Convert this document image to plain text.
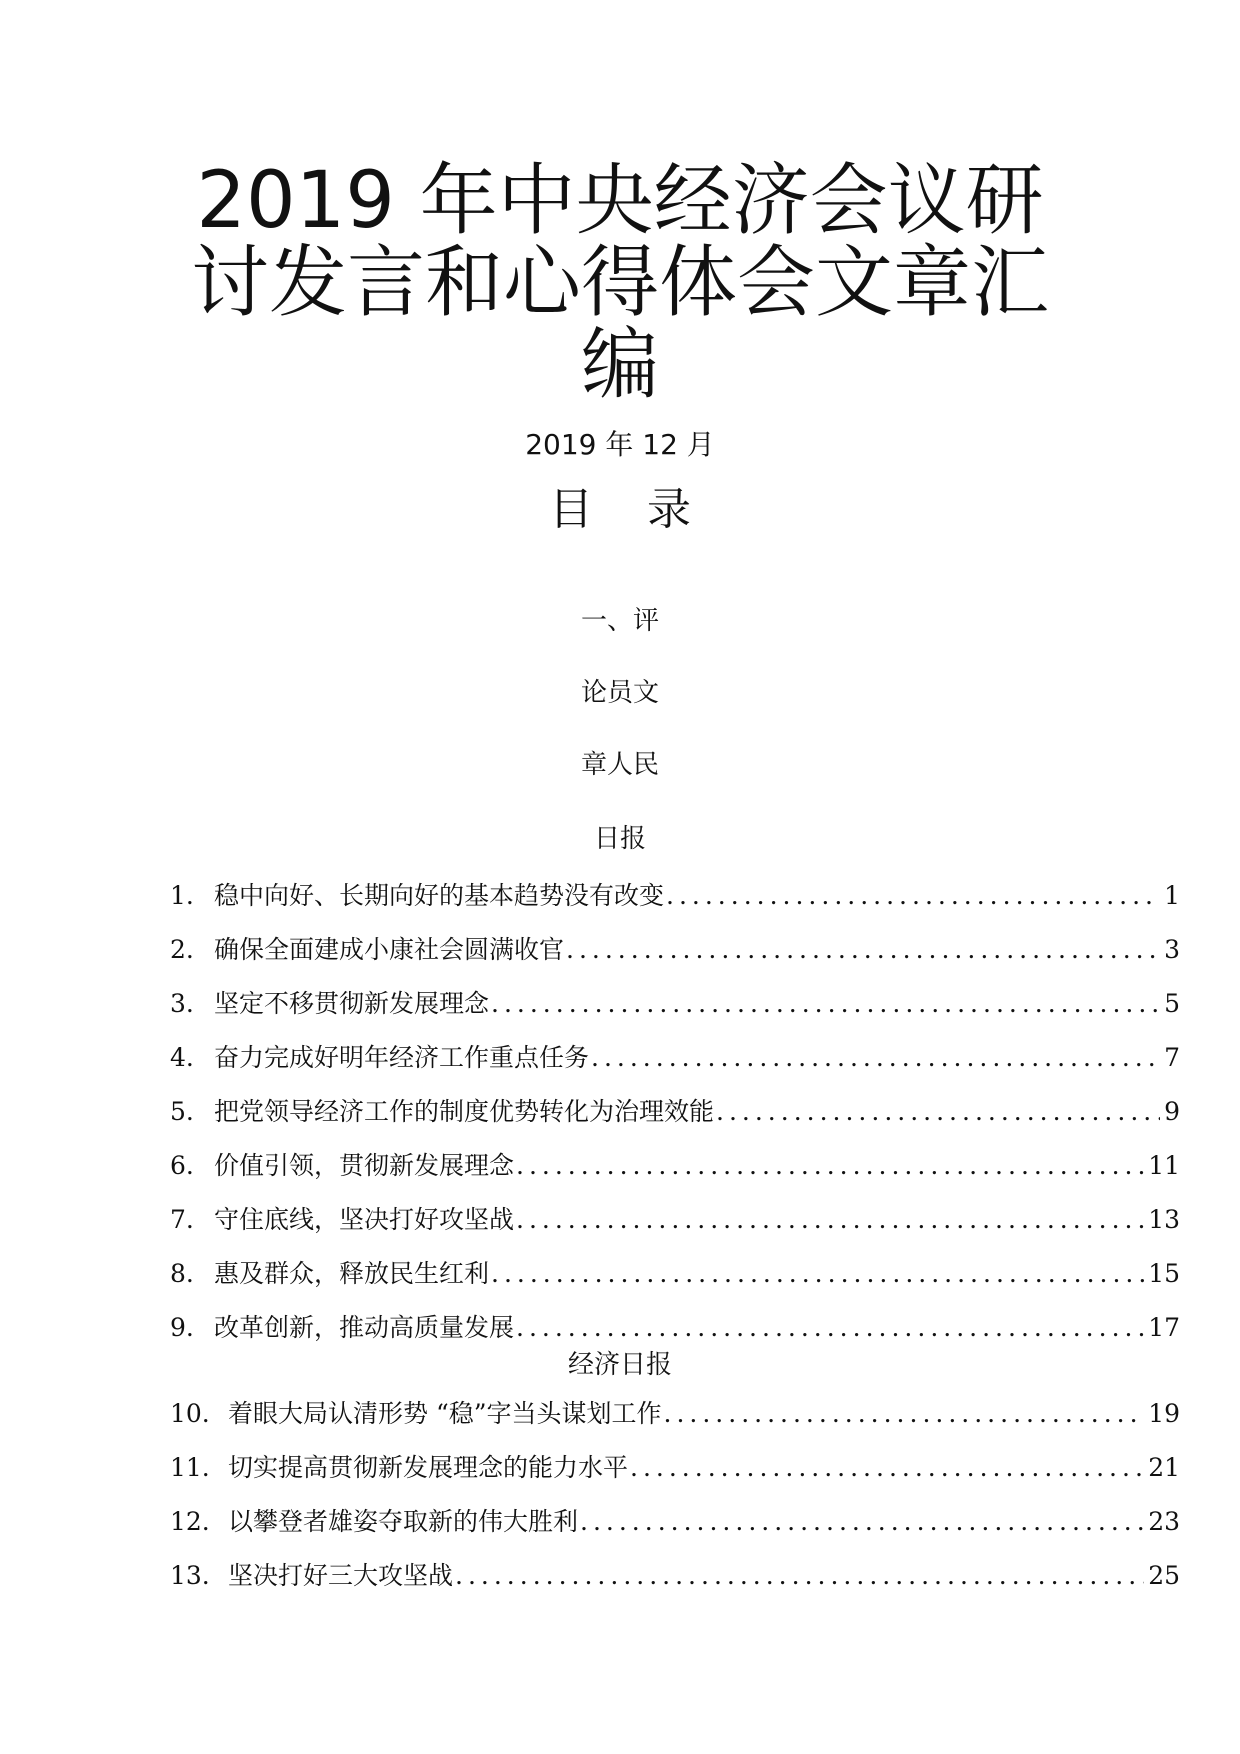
2019 年中央经济会议研
讨发言和心得体会文章汇
编
2019 年 12 月
目 录
一、评
论员文
章人民
日报
1. 稳中向好、长期向好的基本趋势没有改变 .....	1
2. 确保全面建成小康社会圆满收官 .....	3
3. 坚定不移贯彻新发展理念 .....	5
4. 奋力完成好明年经济工作重点任务 .....	7
5. 把党领导经济工作的制度优势转化为治理效能 .....	9
6. 价值引领，贯彻新发展理念 .....	11
7. 守住底线，坚决打好攻坚战 .....	13
8. 惠及群众，释放民生红利 .....	15
9. 改革创新，推动高质量发展 .....	17
经济日报
10. 着眼大局认清形势 “稳”字当头谋划工作 .....	19
11. 切实提高贯彻新发展理念的能力水平 .....	21
12. 以攀登者雄姿夺取新的伟大胜利 .....	23
13. 坚决打好三大攻坚战 .....	25
